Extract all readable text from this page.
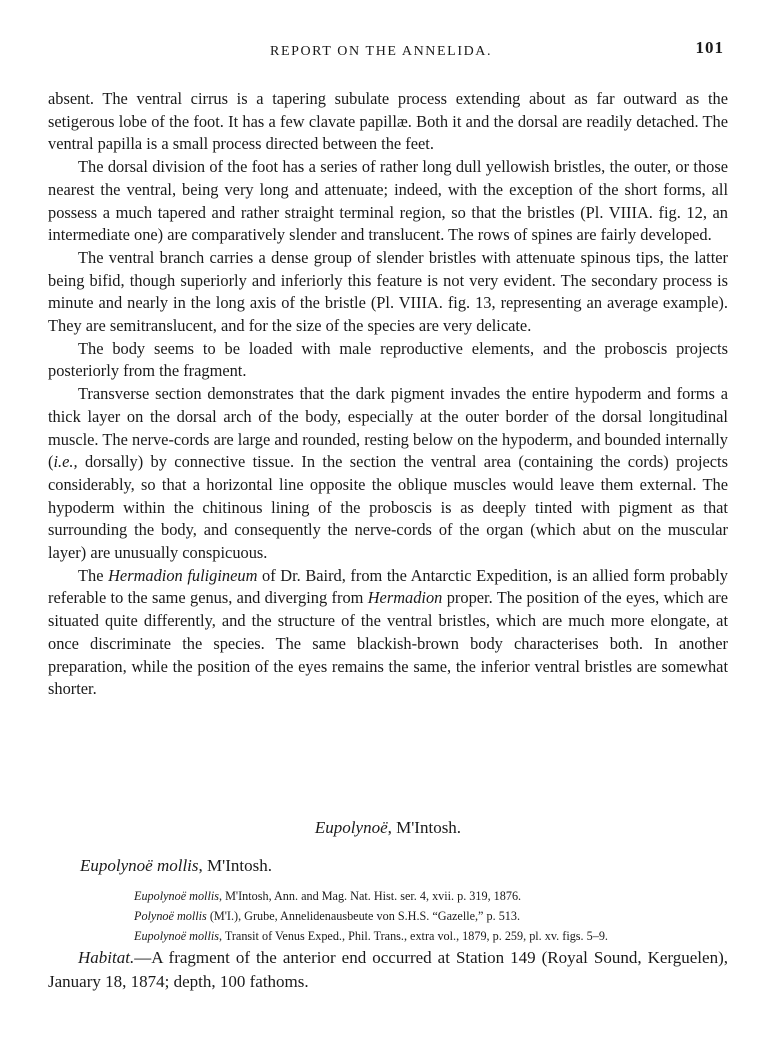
REPORT ON THE ANNELIDA.	101

absent. The ventral cirrus is a tapering subulate process extending about as far outward as the setigerous lobe of the foot. It has a few clavate papillæ. Both it and the dorsal are readily detached. The ventral papilla is a small process directed between the feet.

The dorsal division of the foot has a series of rather long dull yellowish bristles, the outer, or those nearest the ventral, being very long and attenuate; indeed, with the exception of the short forms, all possess a much tapered and rather straight terminal region, so that the bristles (Pl. VIIIA. fig. 12, an intermediate one) are comparatively slender and translucent. The rows of spines are fairly developed.

The ventral branch carries a dense group of slender bristles with attenuate spinous tips, the latter being bifid, though superiorly and inferiorly this feature is not very evident. The secondary process is minute and nearly in the long axis of the bristle (Pl. VIIIA. fig. 13, representing an average example). They are semitranslucent, and for the size of the species are very delicate.

The body seems to be loaded with male reproductive elements, and the proboscis projects posteriorly from the fragment.

Transverse section demonstrates that the dark pigment invades the entire hypoderm and forms a thick layer on the dorsal arch of the body, especially at the outer border of the dorsal longitudinal muscle. The nerve-cords are large and rounded, resting below on the hypoderm, and bounded internally (i.e., dorsally) by connective tissue. In the section the ventral area (containing the cords) projects considerably, so that a horizontal line opposite the oblique muscles would leave them external. The hypoderm within the chitinous lining of the proboscis is as deeply tinted with pigment as that surrounding the body, and consequently the nerve-cords of the organ (which abut on the muscular layer) are unusually conspicuous.

The Hermadion fuligineum of Dr. Baird, from the Antarctic Expedition, is an allied form probably referable to the same genus, and diverging from Hermadion proper. The position of the eyes, which are situated quite differently, and the structure of the ventral bristles, which are much more elongate, at once discriminate the species. The same blackish-brown body characterises both. In another preparation, while the position of the eyes remains the same, the inferior ventral bristles are somewhat shorter.

Eupolynoë, M'Intosh.
Eupolynoë mollis, M'Intosh.
Eupolynoë mollis, M'Intosh, Ann. and Mag. Nat. Hist. ser. 4, xvii. p. 319, 1876.
Polynoë mollis (M'I.), Grube, Annelidenausbeute von S.H.S. “Gazelle,” p. 513.
Eupolynoë mollis, Transit of Venus Exped., Phil. Trans., extra vol., 1879, p. 259, pl. xv. figs. 5–9.

Habitat.—A fragment of the anterior end occurred at Station 149 (Royal Sound, Kerguelen), January 18, 1874; depth, 100 fathoms.
